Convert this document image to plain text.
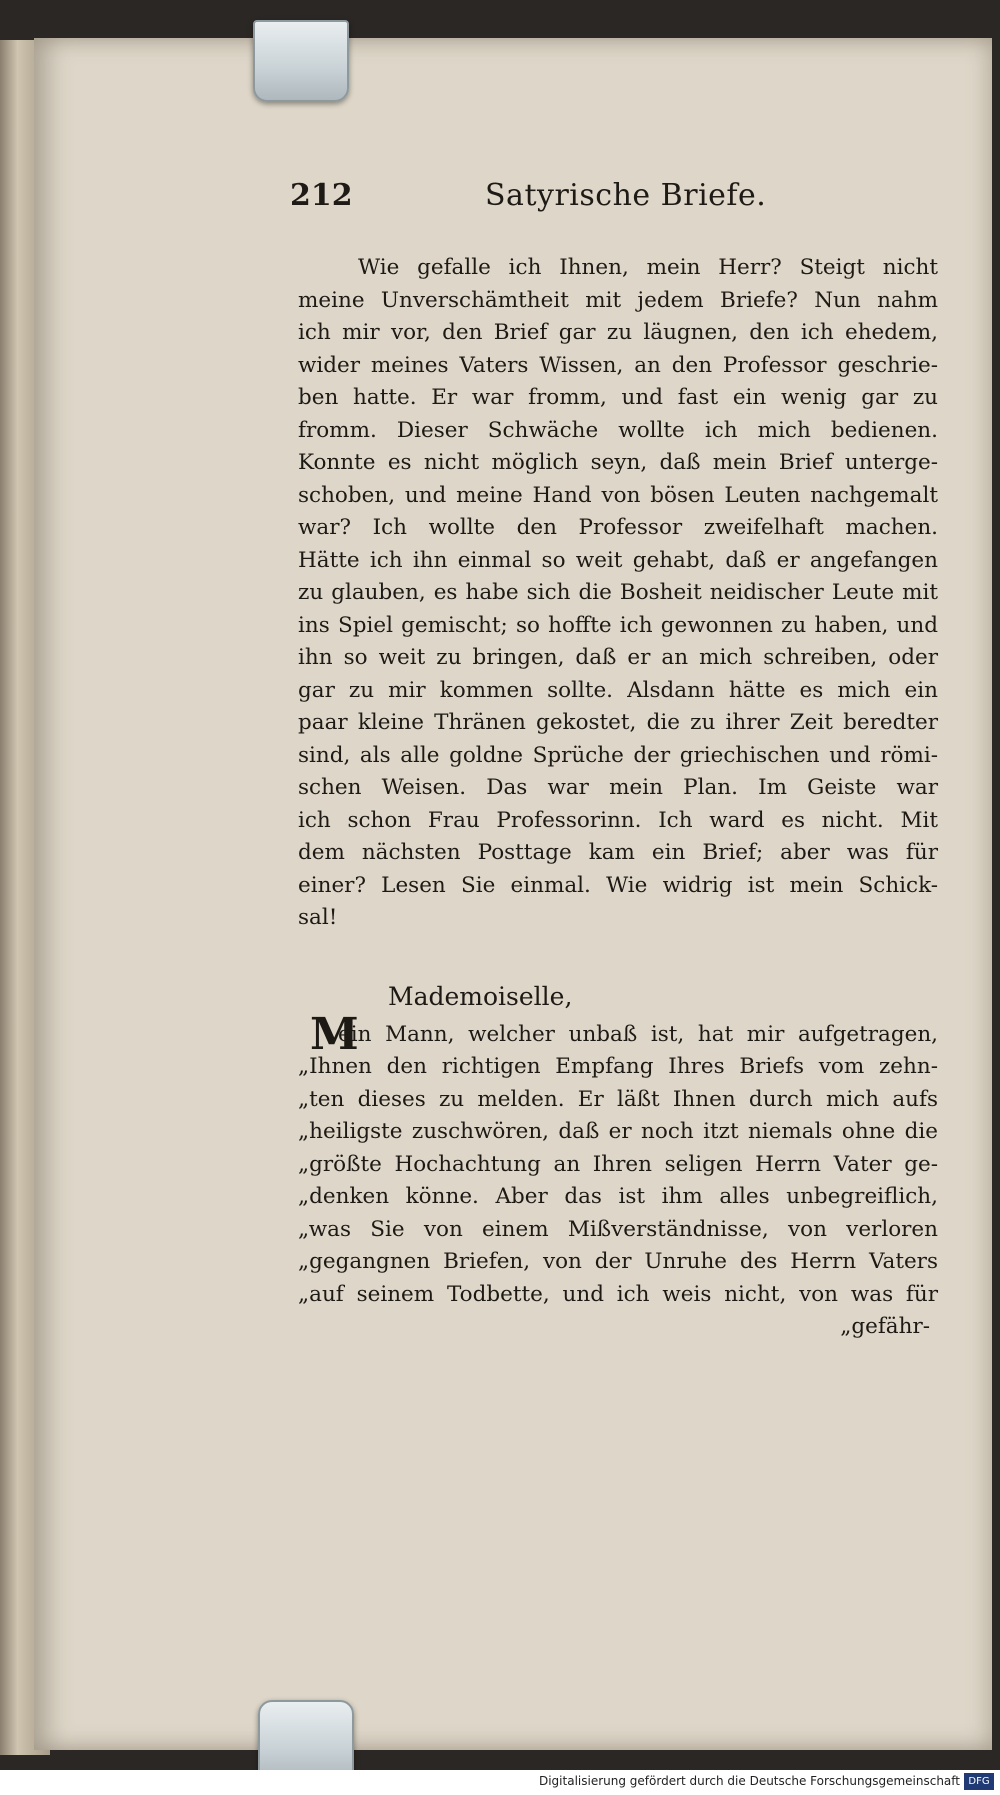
212	Satyrische Briefe.
Wie gefalle ich Ihnen, mein Herr? Steigt nicht
meine Unverschämtheit mit jedem Briefe? Nun nahm
ich mir vor, den Brief gar zu läugnen, den ich ehedem,
wider meines Vaters Wissen, an den Professor geschrie-
ben hatte. Er war fromm, und fast ein wenig gar zu
fromm. Dieser Schwäche wollte ich mich bedienen.
Konnte es nicht möglich seyn, daß mein Brief unterge-
schoben, und meine Hand von bösen Leuten nachgemalt
war? Ich wollte den Professor zweifelhaft machen.
Hätte ich ihn einmal so weit gehabt, daß er angefangen
zu glauben, es habe sich die Bosheit neidischer Leute mit
ins Spiel gemischt; so hoffte ich gewonnen zu haben, und
ihn so weit zu bringen, daß er an mich schreiben, oder
gar zu mir kommen sollte. Alsdann hätte es mich ein
paar kleine Thränen gekostet, die zu ihrer Zeit beredter
sind, als alle goldne Sprüche der griechischen und römi-
schen Weisen. Das war mein Plan. Im Geiste war
ich schon Frau Professorinn. Ich ward es nicht. Mit
dem nächsten Posttage kam ein Brief; aber was für
einer? Lesen Sie einmal. Wie widrig ist mein Schick-
sal!
Mademoiselle,
M
ein Mann, welcher unbaß ist, hat mir aufgetragen,
„Ihnen den richtigen Empfang Ihres Briefs vom zehn-
„ten dieses zu melden. Er läßt Ihnen durch mich aufs
„heiligste zuschwören, daß er noch itzt niemals ohne die
„größte Hochachtung an Ihren seligen Herrn Vater ge-
„denken könne. Aber das ist ihm alles unbegreiflich,
„was Sie von einem Mißverständnisse, von verloren
„gegangnen Briefen, von der Unruhe des Herrn Vaters
„auf seinem Todbette, und ich weis nicht, von was für
„gefähr-
Digitalisierung gefördert durch die Deutsche Forschungsgemeinschaft DFG
